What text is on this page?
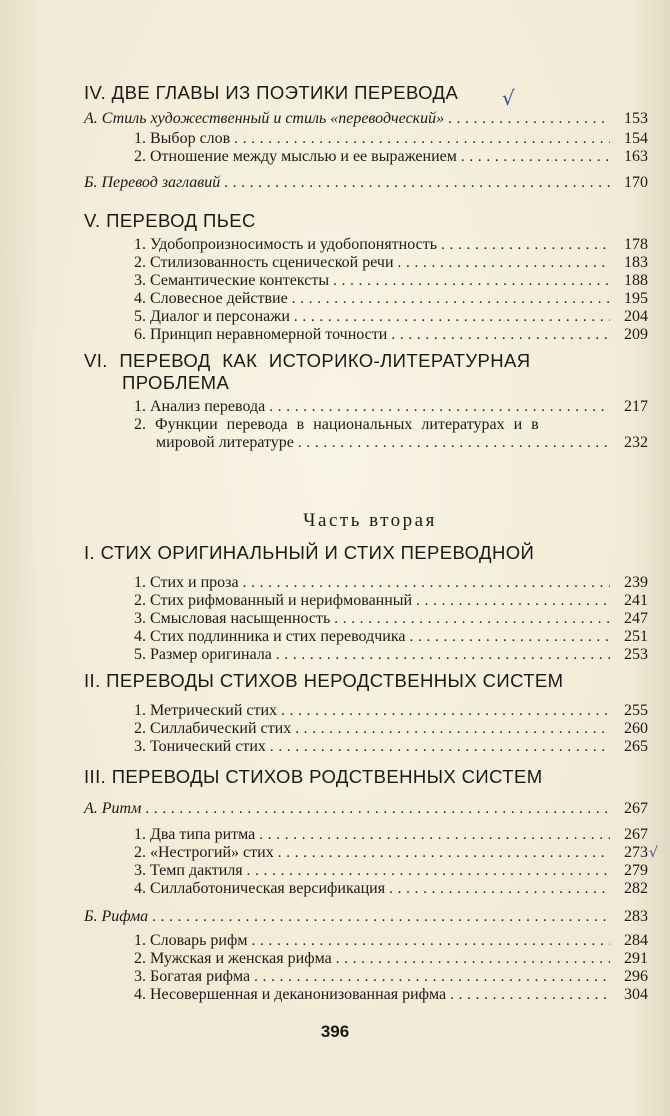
IV. ДВЕ ГЛАВЫ ИЗ ПОЭТИКИ ПЕРЕВОДА	√
А. Стиль художественный и стиль «переводческий» . . .	153
1. Выбор слов . . .	154
2. Отношение между мыслью и ее выражением . . .	163
Б. Перевод заглавий . . .	170
V. ПЕРЕВОД ПЬЕС
1. Удобопроизносимость и удобопонятность . . .	178
2. Стилизованность сценической речи . . .	183
3. Семантические контексты . . .	188
4. Словесное действие . . .	195
5. Диалог и персонажи . . .	204
6. Принцип неравномерной точности . . .	209
VI. ПЕРЕВОД КАК ИСТОРИКО-ЛИТЕРАТУРНАЯ
ПРОБЛЕМА
1. Анализ перевода . . .	217
2. Функции перевода в национальных литературах и в
мировой литературе . . .	232
Часть вторая
I. СТИХ ОРИГИНАЛЬНЫЙ И СТИХ ПЕРЕВОДНОЙ
1. Стих и проза . . .	239
2. Стих рифмованный и нерифмованный . . .	241
3. Смысловая насыщенность . . .	247
4. Стих подлинника и стих переводчика . . .	251
5. Размер оригинала . . .	253
II. ПЕРЕВОДЫ СТИХОВ НЕРОДСТВЕННЫХ СИСТЕМ
1. Метрический стих . . .	255
2. Силлабический стих . . .	260
3. Тонический стих . . .	265
III. ПЕРЕВОДЫ СТИХОВ РОДСТВЕННЫХ СИСТЕМ
А. Ритм . . .	267
1. Два типа ритма . . .	267
2. «Нестрогий» стих . . .	273 √
3. Темп дактиля . . .	279
4. Силлаботоническая версификация . . .	282
Б. Рифма . . .	283
1. Словарь рифм . . .	284
2. Мужская и женская рифма . . .	291
3. Богатая рифма . . .	296
4. Несовершенная и деканонизованная рифма . . .	304
396
